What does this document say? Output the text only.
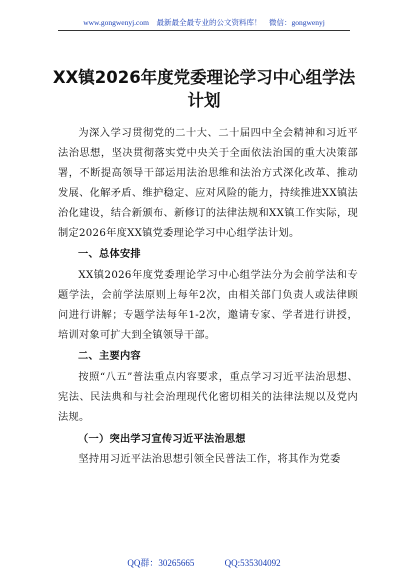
www.gongwenyj.com　最新最全最专业的公文资料库！　微信：gongwenyj
XX镇2026年度党委理论学习中心组学法
计划

为深入学习贯彻党的二十大、二十届四中全会精神和习近平法治思想，坚决贯彻落实党中央关于全面依法治国的重大决策部署，不断提高领导干部运用法治思维和法治方式深化改革、推动发展、化解矛盾、维护稳定、应对风险的能力，持续推进XX镇法治化建设，结合新颁布、新修订的法律法规和XX镇工作实际，现制定2026年度XX镇党委理论学习中心组学法计划。

一、总体安排

XX镇2026年度党委理论学习中心组学法分为会前学法和专题学法，会前学法原则上每年2次，由相关部门负责人或法律顾问进行讲解；专题学法每年1-2次，邀请专家、学者进行讲授，培训对象可扩大到全镇领导干部。

二、主要内容

按照“八五”普法重点内容要求，重点学习习近平法治思想、宪法、民法典和与社会治理现代化密切相关的法律法规以及党内法规。

（一）突出学习宣传习近平法治思想

坚持用习近平法治思想引领全民普法工作，将其作为党委

QQ群：30265665	QQ:535304092
